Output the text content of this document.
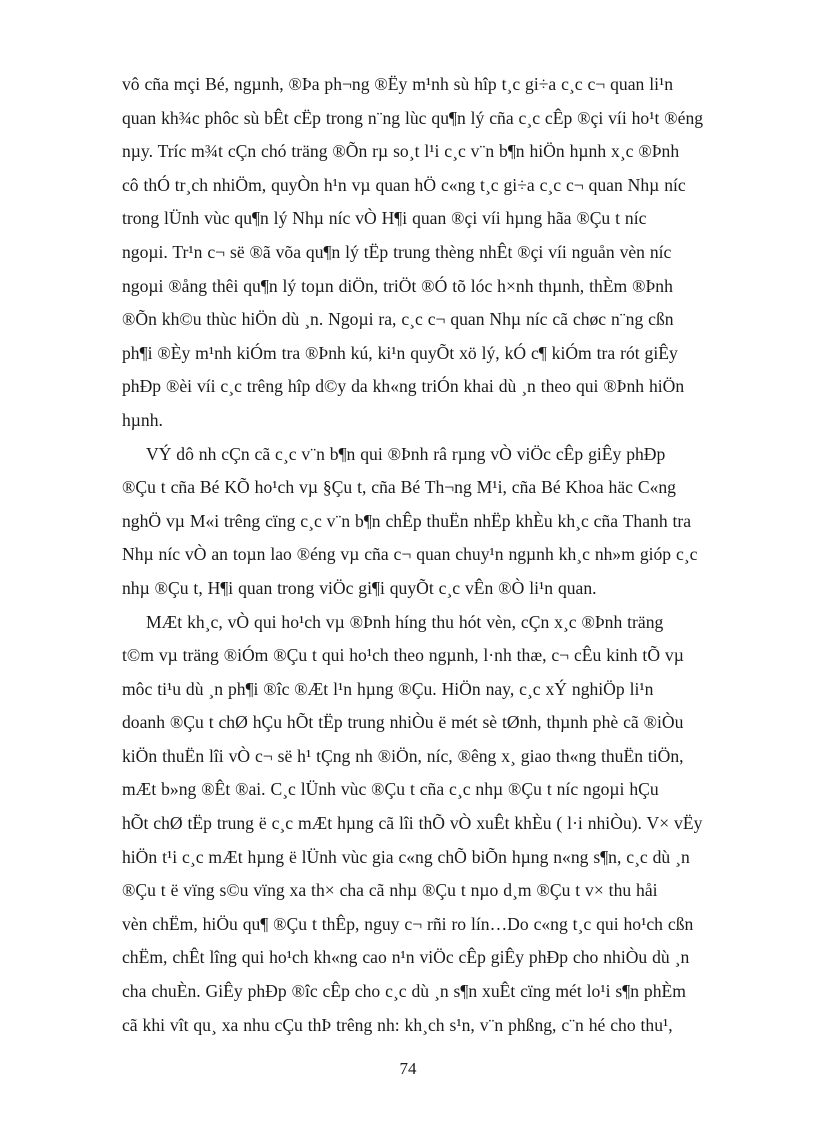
vô cña mçi Bé, ngµnh, ®Þa ph¬ng ®Ëy m¹nh sù hîp t¸c gi÷a c¸c c¬ quan li¹n
quan kh¾c phôc sù bÊt cËp trong n¨ng lùc qu¶n lý cña c¸c cÊp ®çi víi ho¹t ®éng
nµy. Tríc m¾t cÇn chó träng ®Õn rµ so¸t l¹i c¸c v¨n b¶n hiÖn hµnh x¸c ®Þnh
cô thÓ tr¸ch nhiÖm, quyÒn h¹n vµ quan hÖ c«ng t¸c gi÷a c¸c c¬ quan Nhµ níc
trong lÜnh vùc qu¶n lý Nhµ níc vÒ H¶i quan ®çi víi hµng hãa ®Çu t níc
ngoµi. Tr¹n c¬ së ®ã võa qu¶n lý tËp trung thèng nhÊt ®çi víi nguån vèn níc
ngoµi ®ång thêi qu¶n lý toµn diÖn, triÖt ®Ó tõ lóc h×nh thµnh, thÈm ®Þnh
®Õn kh©u thùc hiÖn dù ¸n. Ngoµi ra, c¸c c¬ quan Nhµ níc cã chøc n¨ng cßn
ph¶i ®Èy m¹nh kiÓm tra ®Þnh kú, ki¹n quyÕt xö lý, kÓ c¶ kiÓm tra rót giÊy
phÐp ®èi víi c¸c trêng hîp d©y da kh«ng triÓn khai dù ¸n theo qui ®Þnh hiÖn
hµnh.

VÝ dô nh cÇn cã c¸c v¨n b¶n qui ®Þnh râ rµng vÒ viÖc cÊp giÊy phÐp
®Çu t cña Bé KÕ ho¹ch vµ §Çu t, cña Bé Th¬ng M¹i, cña Bé Khoa häc C«ng
nghÖ vµ M«i trêng cïng c¸c v¨n b¶n chÊp thuËn nhËp khÈu kh¸c cña Thanh tra
Nhµ níc vÒ an toµn lao ®éng vµ cña c¬ quan chuy¹n ngµnh kh¸c nh»m gióp c¸c
nhµ ®Çu t, H¶i quan trong viÖc gi¶i quyÕt c¸c vÊn ®Ò li¹n quan.

MÆt kh¸c, vÒ qui ho¹ch vµ ®Þnh híng thu hót vèn, cÇn x¸c ®Þnh träng
t©m vµ träng ®iÓm ®Çu t qui ho¹ch theo ngµnh, l·nh thæ, c¬ cÊu kinh tÕ vµ
môc ti¹u dù ¸n ph¶i ®îc ®Æt l¹n hµng ®Çu. HiÖn nay, c¸c xÝ nghiÖp li¹n
doanh ®Çu t chØ hÇu hÕt tËp trung nhiÒu ë mét sè tØnh, thµnh phè cã ®iÒu
kiÖn thuËn lîi vÒ c¬ së h¹ tÇng nh ®iÖn, níc, ®êng x¸ giao th«ng thuËn tiÖn,
mÆt b»ng ®Êt ®ai. C¸c lÜnh vùc ®Çu t cña c¸c nhµ ®Çu t níc ngoµi hÇu
hÕt chØ tËp trung ë c¸c mÆt hµng cã lîi thÕ vÒ xuÊt khÈu ( l·i nhiÒu). V× vËy
hiÖn t¹i c¸c mÆt hµng ë lÜnh vùc gia c«ng chÕ biÕn hµng n«ng s¶n, c¸c dù ¸n
®Çu t ë vïng s©u vïng xa th× cha cã nhµ ®Çu t nµo d¸m ®Çu t v× thu håi
vèn chËm, hiÖu qu¶ ®Çu t thÊp, nguy c¬ rñi ro lín…Do c«ng t¸c qui ho¹ch cßn
chËm, chÊt lîng qui ho¹ch kh«ng cao n¹n viÖc cÊp giÊy phÐp cho nhiÒu dù ¸n
cha chuÈn. GiÊy phÐp ®îc cÊp cho c¸c dù ¸n s¶n xuÊt cïng mét lo¹i s¶n phÈm
cã khi vît qu¸ xa nhu cÇu thÞ trêng nh: kh¸ch s¹n, v¨n phßng, c¨n hé cho thu¹,

74
